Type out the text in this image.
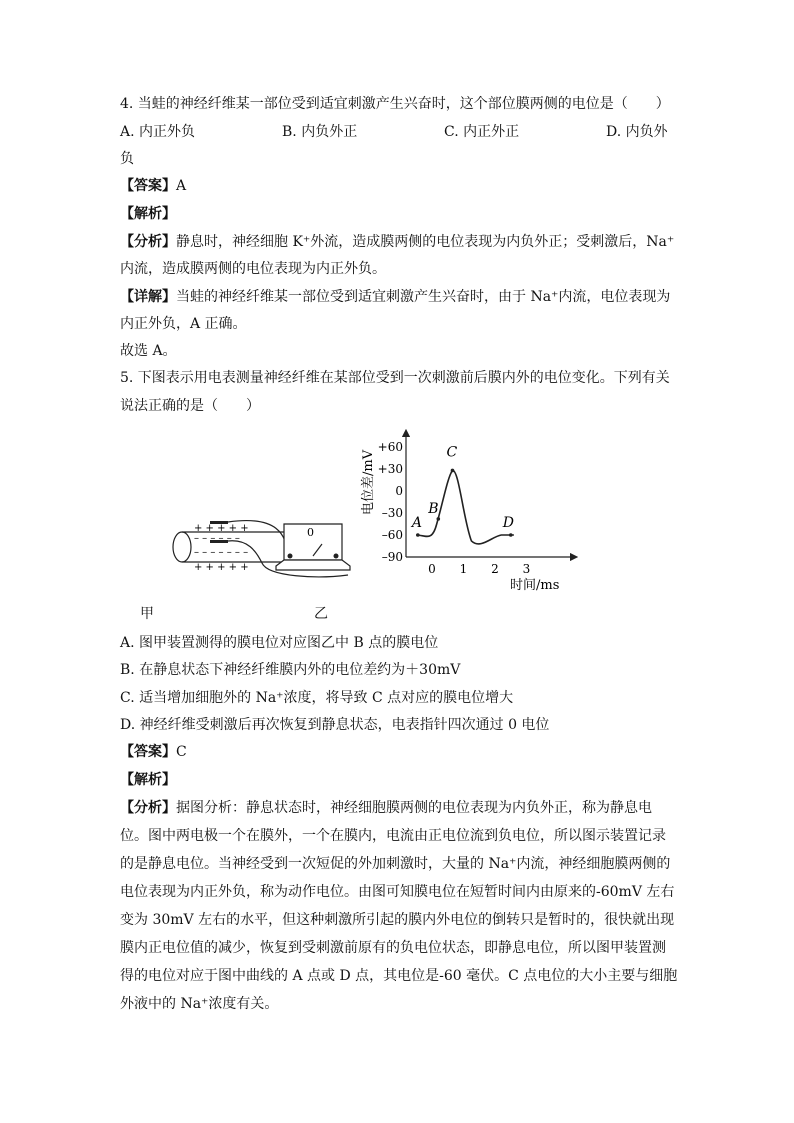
4. 当蛙的神经纤维某一部位受到适宜刺激产生兴奋时，这个部位膜两侧的电位是（　　）
A. 内正外负	B. 内负外正	C. 内正外正	D. 内负外
负
【答案】A
【解析】
【分析】静息时，神经细胞 K⁺外流，造成膜两侧的电位表现为内负外正；受刺激后，Na⁺
内流，造成膜两侧的电位表现为内正外负。
【详解】当蛙的神经纤维某一部位受到适宜刺激产生兴奋时，由于 Na⁺内流，电位表现为
内正外负，A 正确。
故选 A。
5. 下图表示用电表测量神经纤维在某部位受到一次刺激前后膜内外的电位变化。下列有关
说法正确的是（　　）
+ + + + +
– – – – – –
– – – – – – –
+ + + + +
0
电位差/mV
时间/ms
+60
+30
0
–30
–60
–90
0 1 2 3
A
B
C
D
甲	乙
A. 图甲装置测得的膜电位对应图乙中 B 点的膜电位
B. 在静息状态下神经纤维膜内外的电位差约为＋30mV
C. 适当增加细胞外的 Na⁺浓度，将导致 C 点对应的膜电位增大
D. 神经纤维受刺激后再次恢复到静息状态，电表指针四次通过 0 电位
【答案】C
【解析】
【分析】据图分析：静息状态时，神经细胞膜两侧的电位表现为内负外正，称为静息电
位。图中两电极一个在膜外，一个在膜内，电流由正电位流到负电位，所以图示装置记录
的是静息电位。当神经受到一次短促的外加刺激时，大量的 Na⁺内流，神经细胞膜两侧的
电位表现为内正外负，称为动作电位。由图可知膜电位在短暂时间内由原来的-60mV 左右
变为 30mV 左右的水平，但这种刺激所引起的膜内外电位的倒转只是暂时的，很快就出现
膜内正电位值的减少，恢复到受刺激前原有的负电位状态，即静息电位，所以图甲装置测
得的电位对应于图中曲线的 A 点或 D 点，其电位是-60 毫伏。C 点电位的大小主要与细胞
外液中的 Na⁺浓度有关。
